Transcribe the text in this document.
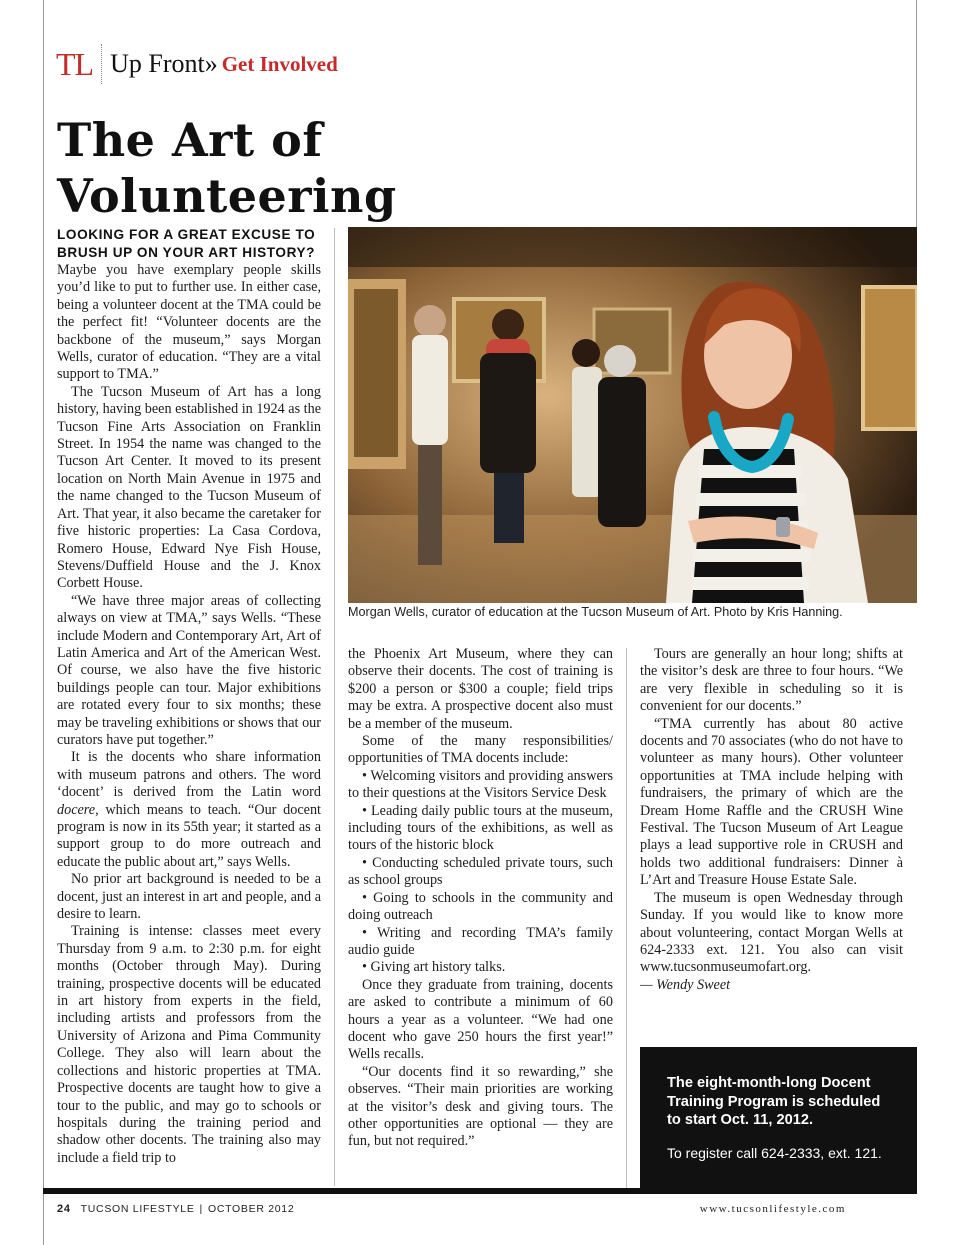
TL Up Front» Get Involved
The Art of
Volunteering
LOOKING FOR A GREAT EXCUSE TO BRUSH UP ON YOUR ART HISTORY?

Maybe you have exemplary people skills you’d like to put to further use. In either case, being a volunteer docent at the TMA could be the perfect fit! “Volunteer docents are the backbone of the museum,” says Morgan Wells, curator of education. “They are a vital support to TMA.”

The Tucson Museum of Art has a long history, having been established in 1924 as the Tucson Fine Arts Association on Franklin Street. In 1954 the name was changed to the Tucson Art Center. It moved to its present location on North Main Avenue in 1975 and the name changed to the Tucson Museum of Art. That year, it also became the caretaker for five historic properties: La Casa Cordova, Romero House, Edward Nye Fish House, Stevens/Duffield House and the J. Knox Corbett House.

“We have three major areas of collecting always on view at TMA,” says Wells. “These include Modern and Contemporary Art, Art of Latin America and Art of the American West. Of course, we also have the five historic buildings people can tour. Major exhibitions are rotated every four to six months; these may be traveling exhibitions or shows that our curators have put together.”

It is the docents who share information with museum patrons and others. The word ‘docent’ is derived from the Latin word docere, which means to teach. “Our docent program is now in its 55th year; it started as a support group to do more outreach and educate the public about art,” says Wells.

No prior art background is needed to be a docent, just an interest in art and people, and a desire to learn.

Training is intense: classes meet every Thursday from 9 a.m. to 2:30 p.m. for eight months (October through May). During training, prospective docents will be educated in art history from experts in the field, including artists and professors from the University of Arizona and Pima Community College. They also will learn about the collections and historic properties at TMA. Prospective docents are taught how to give a tour to the public, and may go to schools or hospitals during the training period and shadow other docents. The training also may include a field trip to

Morgan Wells, curator of education at the Tucson Museum of Art. Photo by Kris Hanning.

the Phoenix Art Museum, where they can observe their docents. The cost of training is $200 a person or $300 a couple; field trips may be extra. A prospective docent also must be a member of the museum.

Some of the many responsibilities/ opportunities of TMA docents include:

• Welcoming visitors and providing answers to their questions at the Visitors Service Desk

• Leading daily public tours at the museum, including tours of the exhibitions, as well as tours of the historic block

• Conducting scheduled private tours, such as school groups

• Going to schools in the community and doing outreach

• Writing and recording TMA’s family audio guide

• Giving art history talks.

Once they graduate from training, docents are asked to contribute a minimum of 60 hours a year as a volunteer. “We had one docent who gave 250 hours the first year!” Wells recalls.

“Our docents find it so rewarding,” she observes. “Their main priorities are working at the visitor’s desk and giving tours. The other opportunities are optional — they are fun, but not required.”

Tours are generally an hour long; shifts at the visitor’s desk are three to four hours. “We are very flexible in scheduling so it is convenient for our docents.”

“TMA currently has about 80 active docents and 70 associates (who do not have to volunteer as many hours). Other volunteer opportunities at TMA include helping with fundraisers, the primary of which are the Dream Home Raffle and the CRUSH Wine Festival. The Tucson Museum of Art League plays a lead supportive role in CRUSH and holds two additional fundraisers: Dinner à L’Art and Treasure House Estate Sale.

The museum is open Wednesday through Sunday. If you would like to know more about volunteering, contact Morgan Wells at 624-2333 ext. 121. You also can visit www.tucsonmuseumofart.org.

— Wendy Sweet

The eight-month-long Docent Training Program is scheduled to start Oct. 11, 2012.
To register call 624-2333, ext. 121.
24 TUCSON LIFESTYLE | OCTOBER 2012	www.tucsonlifestyle.com
